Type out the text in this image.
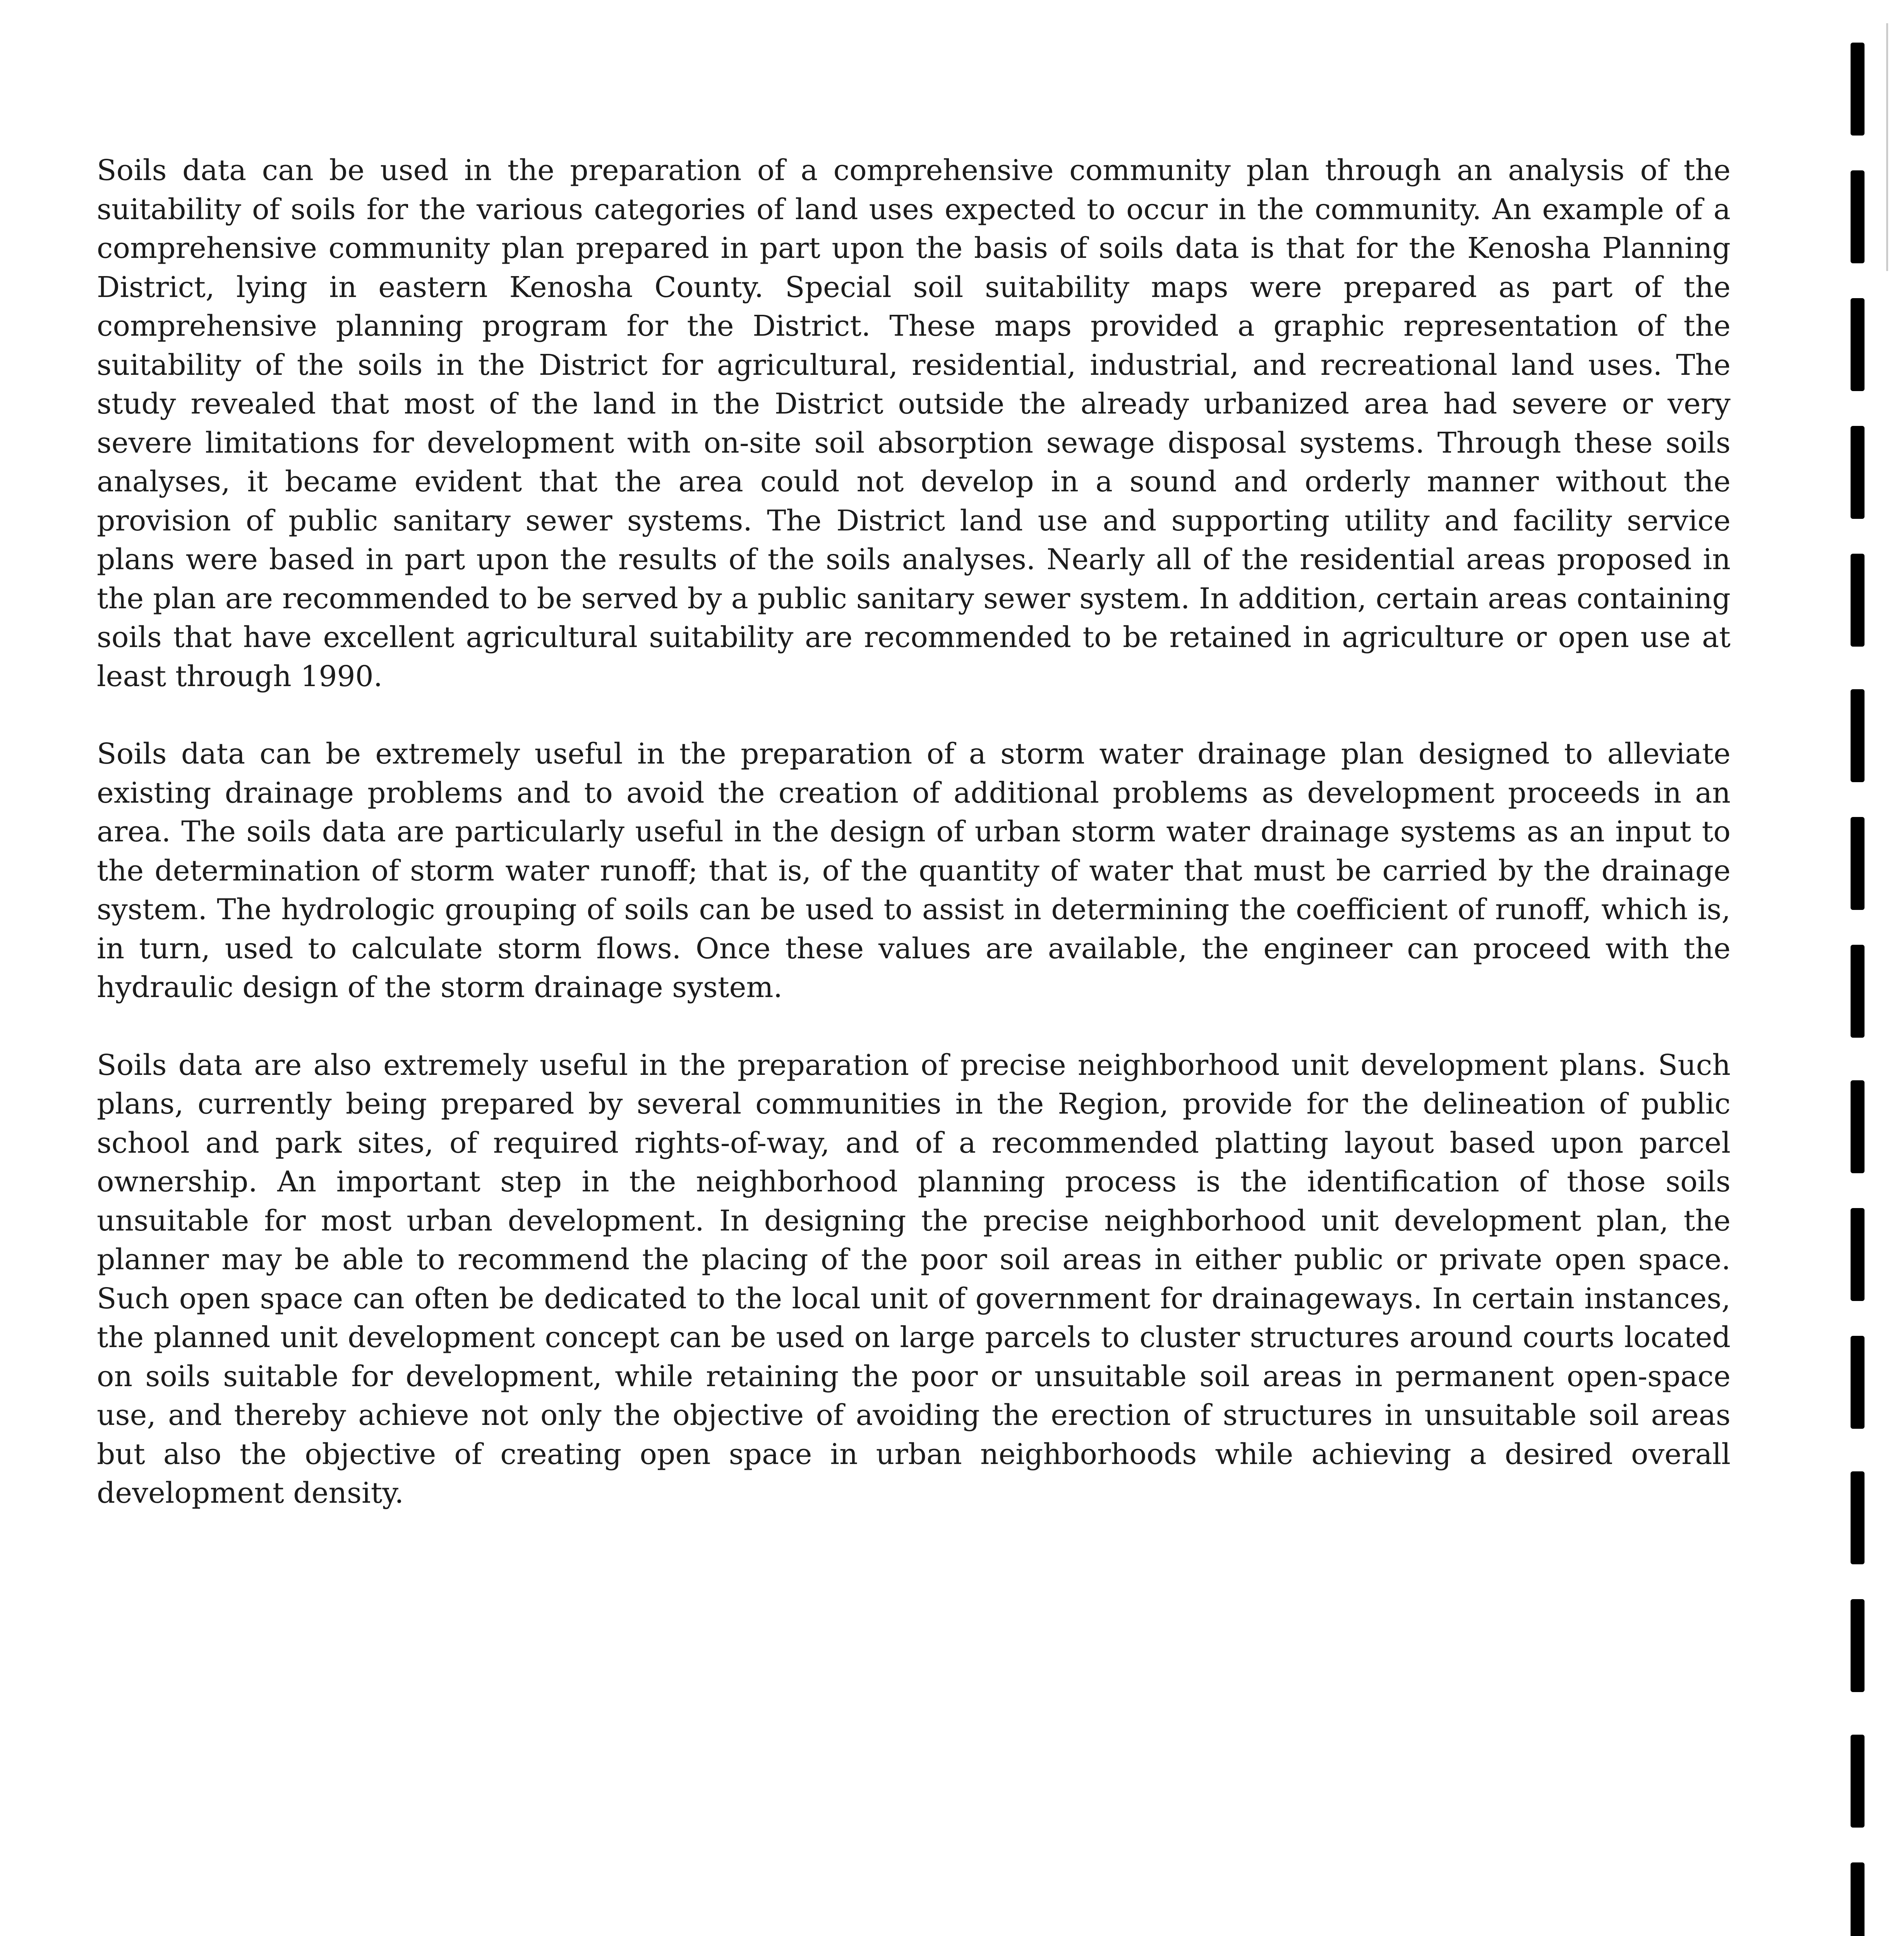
Soils data can be used in the preparation of a comprehensive community plan through an analysis of the suitability of soils for the various categories of land uses expected to occur in the community. An example of a comprehensive community plan prepared in part upon the basis of soils data is that for the Kenosha Planning District, lying in eastern Kenosha County. Special soil suitability maps were prepared as part of the comprehensive planning program for the District. These maps provided a graphic representation of the suitability of the soils in the District for agricultural, residential, industrial, and recreational land uses. The study revealed that most of the land in the District outside the already urbanized area had severe or very severe limitations for development with on-site soil absorption sewage disposal systems. Through these soils analyses, it became evident that the area could not develop in a sound and orderly manner without the provision of public sanitary sewer systems. The District land use and supporting utility and facility service plans were based in part upon the results of the soils analyses. Nearly all of the residential areas proposed in the plan are recommended to be served by a public sanitary sewer system. In addition, certain areas containing soils that have excellent agricultural suitability are recommended to be retained in agriculture or open use at least through 1990.

Soils data can be extremely useful in the preparation of a storm water drainage plan designed to alleviate existing drainage problems and to avoid the creation of additional problems as development proceeds in an area. The soils data are particularly useful in the design of urban storm water drainage systems as an input to the determination of storm water runoff; that is, of the quantity of water that must be carried by the drainage system. The hydrologic grouping of soils can be used to assist in determining the coefficient of runoff, which is, in turn, used to calculate storm flows. Once these values are available, the engineer can proceed with the hydraulic design of the storm drainage system.

Soils data are also extremely useful in the preparation of precise neighborhood unit development plans. Such plans, currently being prepared by several communities in the Region, provide for the delineation of public school and park sites, of required rights-of-way, and of a recommended platting layout based upon parcel ownership. An important step in the neighborhood planning process is the identification of those soils unsuitable for most urban development. In designing the precise neighborhood unit development plan, the planner may be able to recommend the placing of the poor soil areas in either public or private open space. Such open space can often be dedicated to the local unit of government for drainageways. In certain instances, the planned unit development concept can be used on large parcels to cluster structures around courts located on soils suitable for development, while retaining the poor or unsuitable soil areas in permanent open-space use, and thereby achieve not only the objective of avoiding the erection of structures in unsuitable soil areas but also the objective of creating open space in urban neighborhoods while achieving a desired overall development density.
